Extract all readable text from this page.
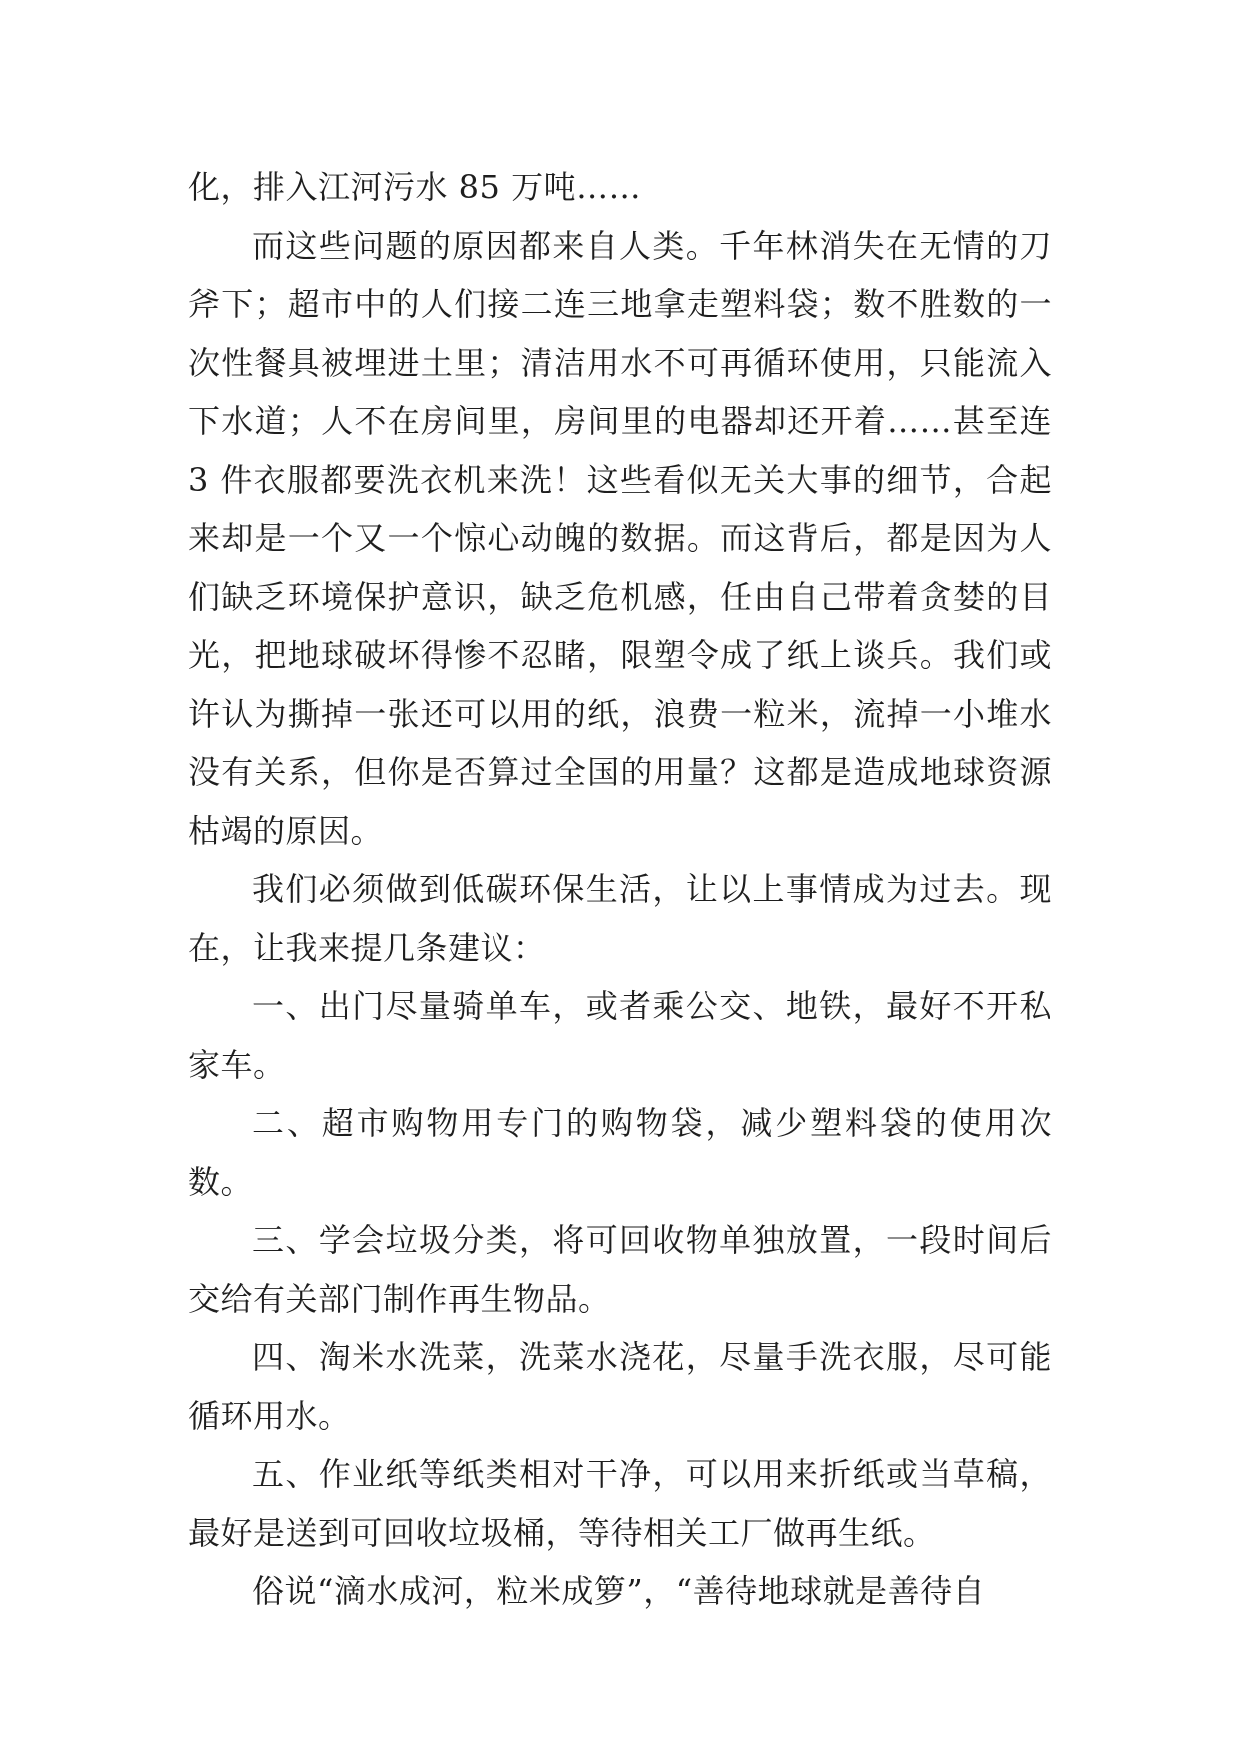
化，排入江河污水 85 万吨……

而这些问题的原因都来自人类。千年林消失在无情的刀斧下；超市中的人们接二连三地拿走塑料袋；数不胜数的一次性餐具被埋进土里；清洁用水不可再循环使用，只能流入下水道；人不在房间里，房间里的电器却还开着……甚至连 3 件衣服都要洗衣机来洗！这些看似无关大事的细节，合起来却是一个又一个惊心动魄的数据。而这背后，都是因为人们缺乏环境保护意识，缺乏危机感，任由自己带着贪婪的目光，把地球破坏得惨不忍睹，限塑令成了纸上谈兵。我们或许认为撕掉一张还可以用的纸，浪费一粒米，流掉一小堆水没有关系，但你是否算过全国的用量？这都是造成地球资源枯竭的原因。

我们必须做到低碳环保生活，让以上事情成为过去。现在，让我来提几条建议：

一、出门尽量骑单车，或者乘公交、地铁，最好不开私家车。

二、超市购物用专门的购物袋，减少塑料袋的使用次数。

三、学会垃圾分类，将可回收物单独放置，一段时间后交给有关部门制作再生物品。

四、淘米水洗菜，洗菜水浇花，尽量手洗衣服，尽可能循环用水。

五、作业纸等纸类相对干净，可以用来折纸或当草稿，最好是送到可回收垃圾桶，等待相关工厂做再生纸。

俗说“滴水成河，粒米成箩”，“善待地球就是善待自
